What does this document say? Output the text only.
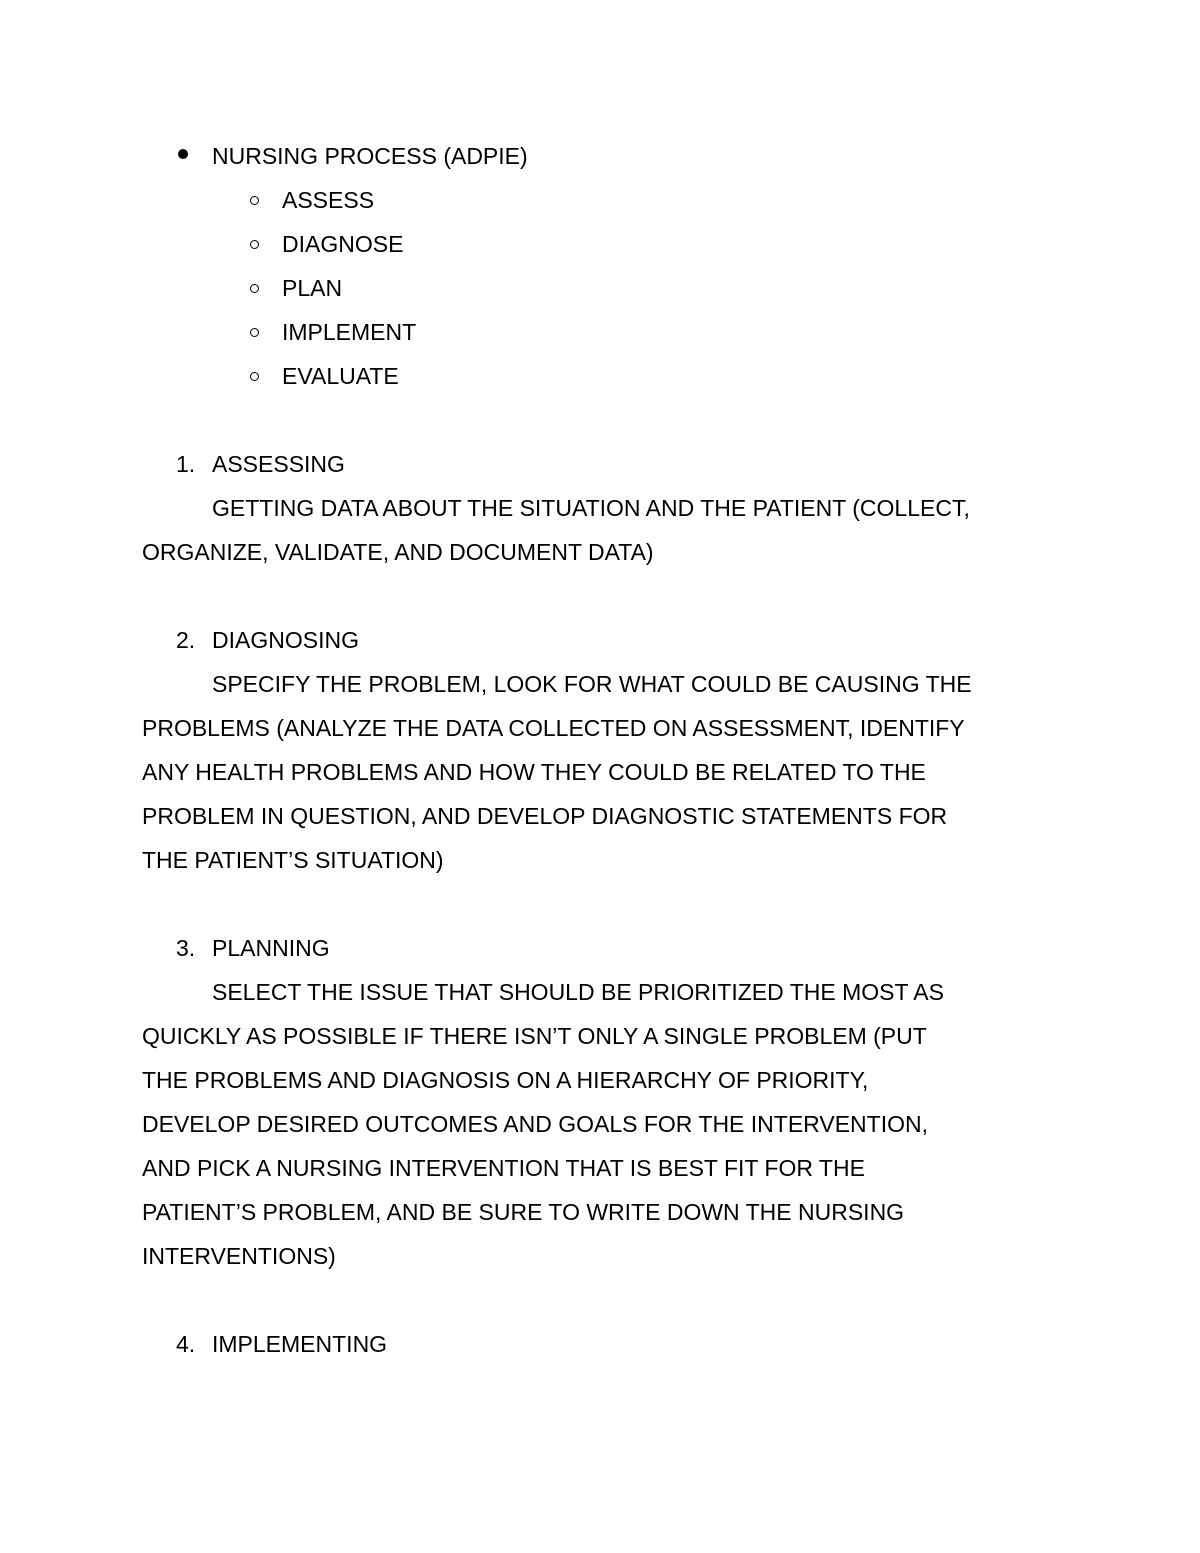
NURSING PROCESS (ADPIE)
ASSESS
DIAGNOSE
PLAN
IMPLEMENT
EVALUATE
1. ASSESSING
GETTING DATA ABOUT THE SITUATION AND THE PATIENT (COLLECT,
ORGANIZE, VALIDATE, AND DOCUMENT DATA)
2. DIAGNOSING
SPECIFY THE PROBLEM, LOOK FOR WHAT COULD BE CAUSING THE
PROBLEMS (ANALYZE THE DATA COLLECTED ON ASSESSMENT, IDENTIFY
ANY HEALTH PROBLEMS AND HOW THEY COULD BE RELATED TO THE
PROBLEM IN QUESTION, AND DEVELOP DIAGNOSTIC STATEMENTS FOR
THE PATIENT’S SITUATION)
3. PLANNING
SELECT THE ISSUE THAT SHOULD BE PRIORITIZED THE MOST AS
QUICKLY AS POSSIBLE IF THERE ISN’T ONLY A SINGLE PROBLEM (PUT
THE PROBLEMS AND DIAGNOSIS ON A HIERARCHY OF PRIORITY,
DEVELOP DESIRED OUTCOMES AND GOALS FOR THE INTERVENTION,
AND PICK A NURSING INTERVENTION THAT IS BEST FIT FOR THE
PATIENT’S PROBLEM, AND BE SURE TO WRITE DOWN THE NURSING
INTERVENTIONS)
4. IMPLEMENTING
